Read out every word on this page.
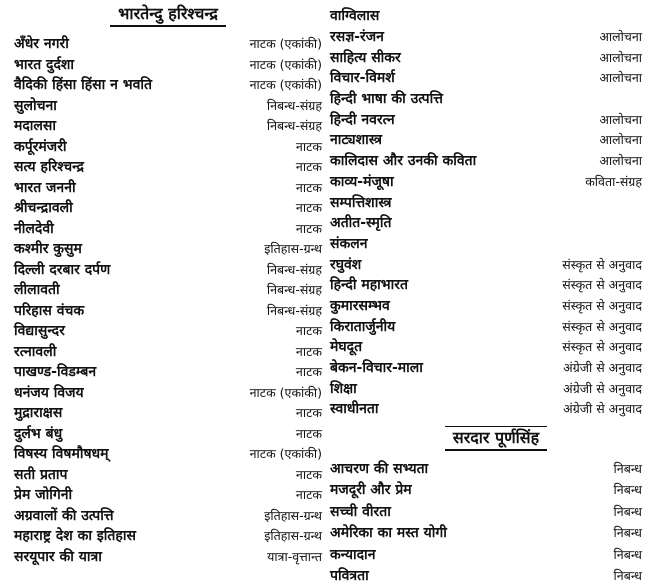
भारतेन्दु हरिश्चन्द्र
अँधेर नगरी	नाटक (एकांकी)
भारत दुर्दशा	नाटक (एकांकी)
वैदिकी हिंसा हिंसा न भवति	नाटक (एकांकी)
सुलोचना	निबन्ध-संग्रह
मदालसा	निबन्ध-संग्रह
कर्पूरमंजरी	नाटक
सत्य हरिश्चन्द्र	नाटक
भारत जननी	नाटक
श्रीचन्द्रावली	नाटक
नीलदेवी	नाटक
कश्मीर कुसुम	इतिहास-ग्रन्थ
दिल्ली दरबार दर्पण	निबन्ध-संग्रह
लीलावती	निबन्ध-संग्रह
परिहास वंचक	निबन्ध-संग्रह
विद्यासुन्दर	नाटक
रत्नावली	नाटक
पाखण्ड-विडम्बन	नाटक
धनंजय विजय	नाटक (एकांकी)
मुद्राराक्षस	नाटक
दुर्लभ बंधु	नाटक
विषस्य विषमौषधम्	नाटक (एकांकी)
सती प्रताप	नाटक
प्रेम जोगिनी	नाटक
अग्रवालों की उत्पत्ति	इतिहास-ग्रन्थ
महाराष्ट्र देश का इतिहास	इतिहास-ग्रन्थ
सरयूपार की यात्रा	यात्रा-वृत्तान्त
वाग्विलास
रसज्ञ-रंजन	आलोचना
साहित्य सीकर	आलोचना
विचार-विमर्श	आलोचना
हिन्दी भाषा की उत्पत्ति
हिन्दी नवरत्न	आलोचना
नाट्यशास्त्र	आलोचना
कालिदास और उनकी कविता	आलोचना
काव्य-मंजूषा	कविता-संग्रह
सम्पत्तिशास्त्र
अतीत-स्मृति
संकलन
रघुवंश	संस्कृत से अनुवाद
हिन्दी महाभारत	संस्कृत से अनुवाद
कुमारसम्भव	संस्कृत से अनुवाद
किरातार्जुनीय	संस्कृत से अनुवाद
मेघदूत	संस्कृत से अनुवाद
बेकन-विचार-माला	अंग्रेजी से अनुवाद
शिक्षा	अंग्रेजी से अनुवाद
स्वाधीनता	अंग्रेजी से अनुवाद
सरदार पूर्णसिंह
आचरण की सभ्यता	निबन्ध
मजदूरी और प्रेम	निबन्ध
सच्ची वीरता	निबन्ध
अमेरिका का मस्त योगी	निबन्ध
कन्यादान	निबन्ध
पवित्रता	निबन्ध
